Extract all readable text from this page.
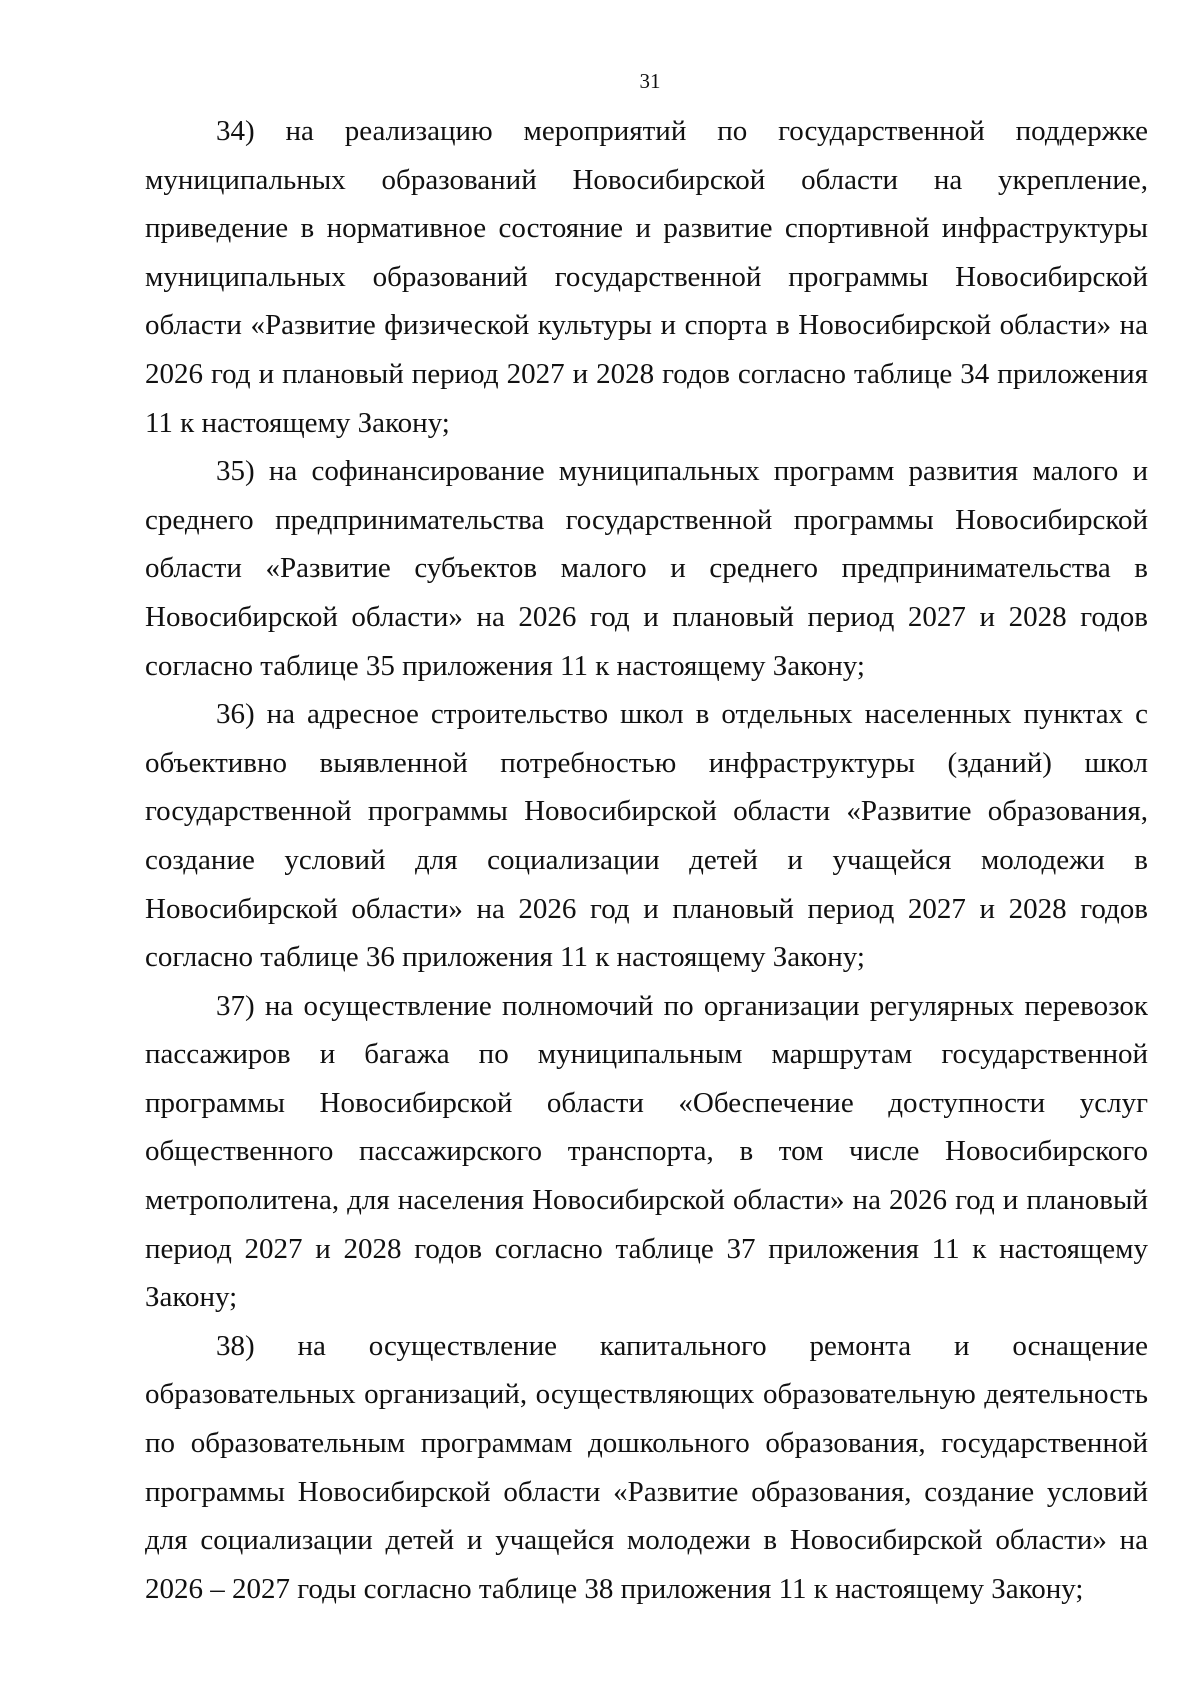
31

34) на реализацию мероприятий по государственной поддержке муниципальных образований Новосибирской области на укрепление, приведение в нормативное состояние и развитие спортивной инфраструктуры муниципальных образований государственной программы Новосибирской области «Развитие физической культуры и спорта в Новосибирской области» на 2026 год и плановый период 2027 и 2028 годов согласно таблице 34 приложения 11 к настоящему Закону;

35) на софинансирование муниципальных программ развития малого и среднего предпринимательства государственной программы Новосибирской области «Развитие субъектов малого и среднего предпринимательства в Новосибирской области» на 2026 год и плановый период 2027 и 2028 годов согласно таблице 35 приложения 11 к настоящему Закону;

36) на адресное строительство школ в отдельных населенных пунктах с объективно выявленной потребностью инфраструктуры (зданий) школ государственной программы Новосибирской области «Развитие образования, создание условий для социализации детей и учащейся молодежи в Новосибирской области» на 2026 год и плановый период 2027 и 2028 годов согласно таблице 36 приложения 11 к настоящему Закону;

37) на осуществление полномочий по организации регулярных перевозок пассажиров и багажа по муниципальным маршрутам государственной программы Новосибирской области «Обеспечение доступности услуг общественного пассажирского транспорта, в том числе Новосибирского метрополитена, для населения Новосибирской области» на 2026 год и плановый период 2027 и 2028 годов согласно таблице 37 приложения 11 к настоящему Закону;

38) на осуществление капитального ремонта и оснащение образовательных организаций, осуществляющих образовательную деятельность по образовательным программам дошкольного образования, государственной программы Новосибирской области «Развитие образования, создание условий для социализации детей и учащейся молодежи в Новосибирской области» на 2026 – 2027 годы согласно таблице 38 приложения 11 к настоящему Закону;
